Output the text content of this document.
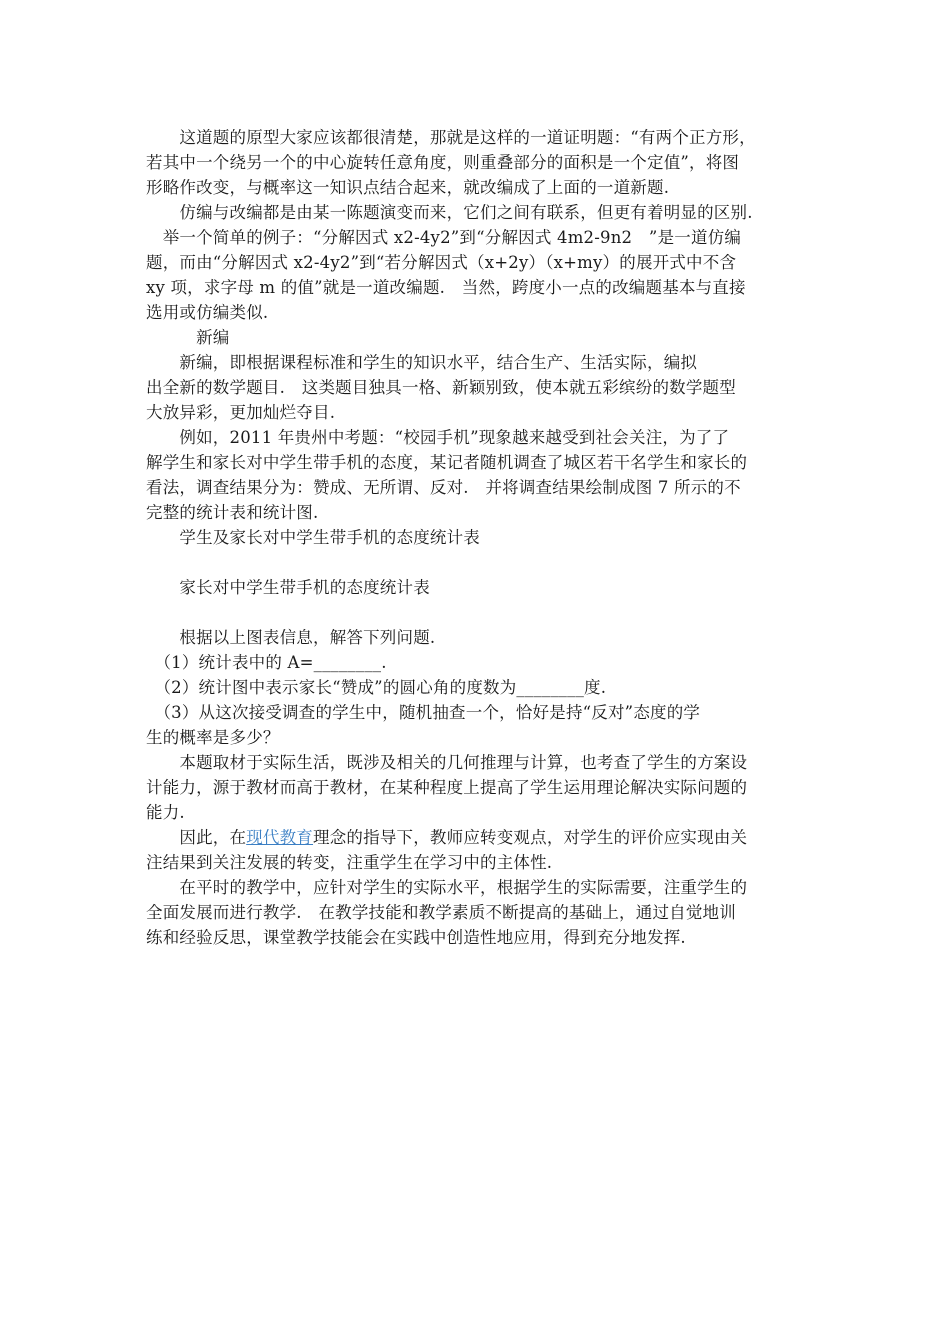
　　这道题的原型大家应该都很清楚，那就是这样的一道证明题：“有两个正方形，
若其中一个绕另一个的中心旋转任意角度，则重叠部分的面积是一个定值”，将图
形略作改变，与概率这一知识点结合起来，就改编成了上面的一道新题.
　　仿编与改编都是由某一陈题演变而来，它们之间有联系，但更有着明显的区别.
　举一个简单的例子：“分解因式 x2-4y2”到“分解因式 4m2-9n2　”是一道仿编
题，而由“分解因式 x2-4y2”到“若分解因式（x+2y）（x+my）的展开式中不含
xy 项，求字母 m 的值”就是一道改编题.　当然，跨度小一点的改编题基本与直接
选用或仿编类似.
　　　新编
　　新编，即根据课程标准和学生的知识水平，结合生产、生活实际，编拟
出全新的数学题目.　这类题目独具一格、新颖别致，使本就五彩缤纷的数学题型
大放异彩，更加灿烂夺目.
　　例如，2011 年贵州中考题：“校园手机”现象越来越受到社会关注，为了了
解学生和家长对中学生带手机的态度，某记者随机调查了城区若干名学生和家长的
看法，调查结果分为：赞成、无所谓、反对.　并将调查结果绘制成图 7 所示的不
完整的统计表和统计图.
　　学生及家长对中学生带手机的态度统计表
　　家长对中学生带手机的态度统计表
　　根据以上图表信息，解答下列问题.
　（1）统计表中的 A=________.
　（2）统计图中表示家长“赞成”的圆心角的度数为________度.
　（3）从这次接受调查的学生中，随机抽查一个，恰好是持“反对”态度的学
生的概率是多少？
　　本题取材于实际生活，既涉及相关的几何推理与计算，也考查了学生的方案设
计能力，源于教材而高于教材，在某种程度上提高了学生运用理论解决实际问题的
能力.
　　因此，在现代教育理念的指导下，教师应转变观点，对学生的评价应实现由关
注结果到关注发展的转变，注重学生在学习中的主体性.
　　在平时的教学中，应针对学生的实际水平，根据学生的实际需要，注重学生的
全面发展而进行教学.　在教学技能和教学素质不断提高的基础上，通过自觉地训
练和经验反思，课堂教学技能会在实践中创造性地应用，得到充分地发挥.
